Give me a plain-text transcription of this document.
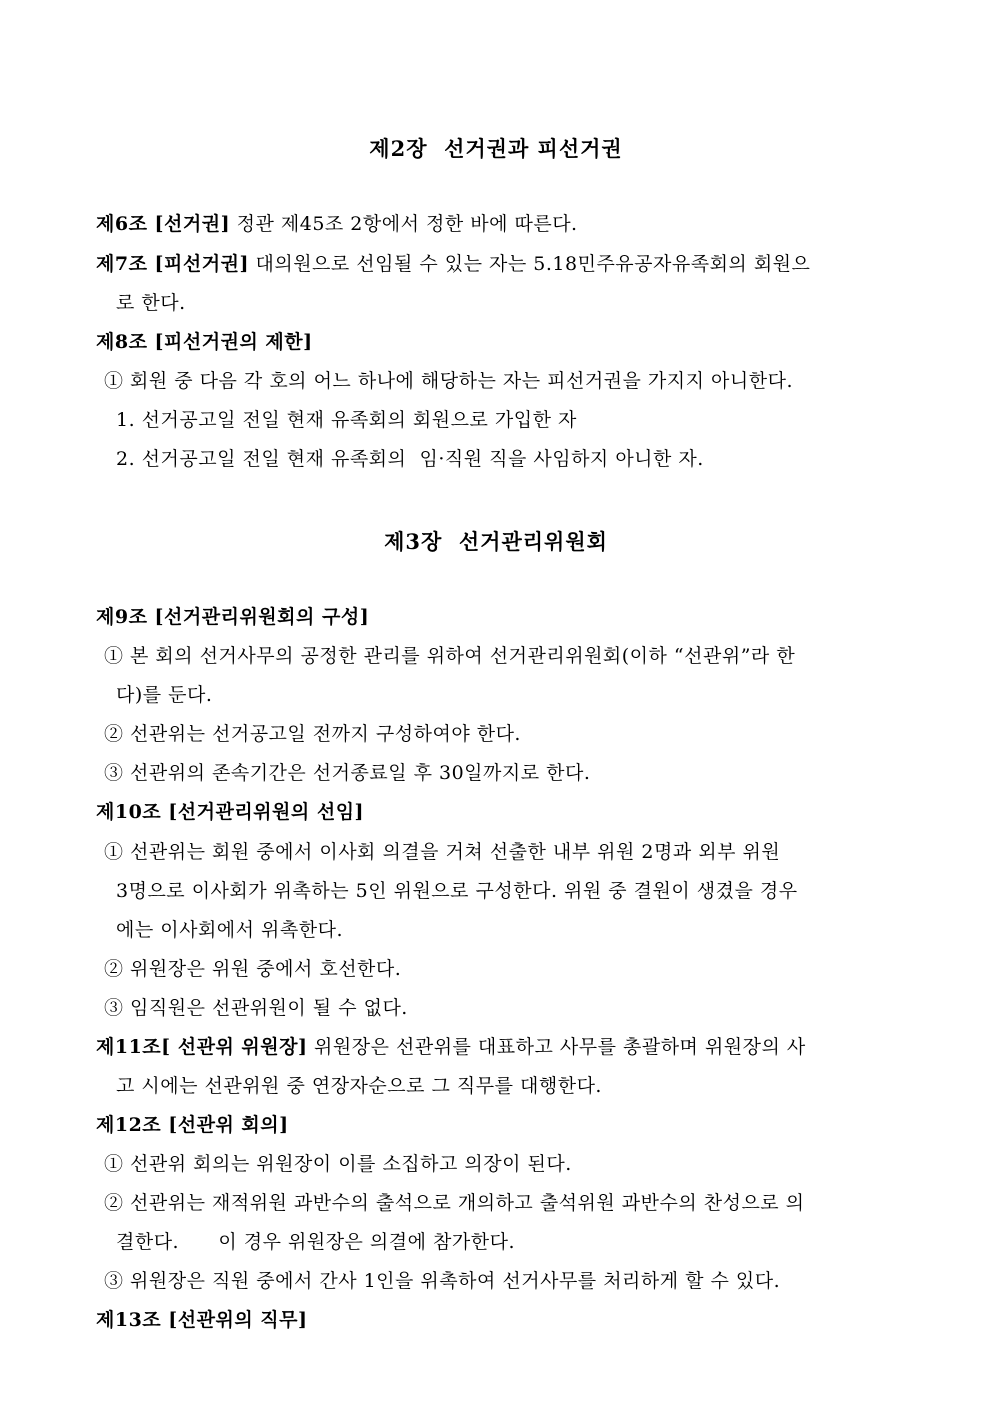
제2장  선거권과 피선거권
제6조 [선거권] 정관 제45조 2항에서 정한 바에 따른다.
제7조 [피선거권] 대의원으로 선임될 수 있는 자는 5.18민주유공자유족회의 회원으
로 한다.
제8조 [피선거권의 제한]
① 회원 중 다음 각 호의 어느 하나에 해당하는 자는 피선거권을 가지지 아니한다.
1. 선거공고일 전일 현재 유족회의 회원으로 가입한 자
2. 선거공고일 전일 현재 유족회의  임·직원 직을 사임하지 아니한 자.
제3장  선거관리위원회
제9조 [선거관리위원회의 구성]
① 본 회의 선거사무의 공정한 관리를 위하여 선거관리위원회(이하 “선관위”라 한
다)를 둔다.
② 선관위는 선거공고일 전까지 구성하여야 한다.
③ 선관위의 존속기간은 선거종료일 후 30일까지로 한다.
제10조 [선거관리위원의 선임]
① 선관위는 회원 중에서 이사회 의결을 거쳐 선출한 내부 위원 2명과 외부 위원
3명으로 이사회가 위촉하는 5인 위원으로 구성한다. 위원 중 결원이 생겼을 경우
에는 이사회에서 위촉한다.
② 위원장은 위원 중에서 호선한다.
③ 임직원은 선관위원이 될 수 없다.
제11조[ 선관위 위원장] 위원장은 선관위를 대표하고 사무를 총괄하며 위원장의 사
고 시에는 선관위원 중 연장자순으로 그 직무를 대행한다.
제12조 [선관위 회의]
① 선관위 회의는 위원장이 이를 소집하고 의장이 된다.
② 선관위는 재적위원 과반수의 출석으로 개의하고 출석위원 과반수의 찬성으로 의
결한다.      이 경우 위원장은 의결에 참가한다.
③ 위원장은 직원 중에서 간사 1인을 위촉하여 선거사무를 처리하게 할 수 있다.
제13조 [선관위의 직무]
